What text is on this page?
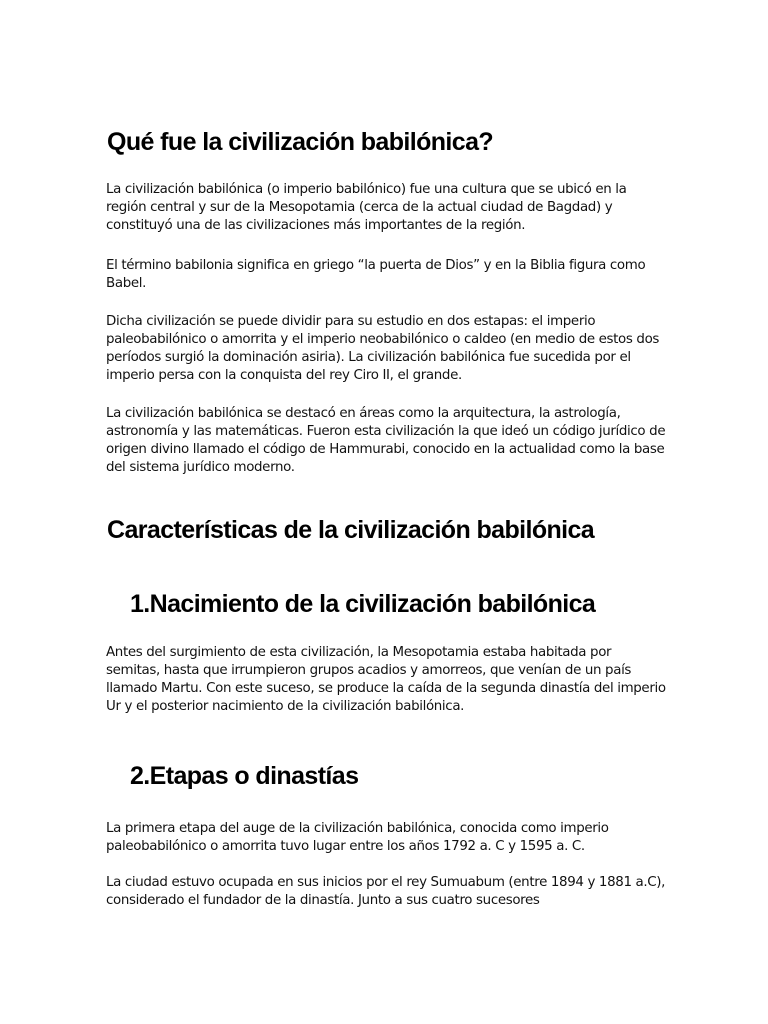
Qué fue la civilización babilónica?

La civilización babilónica (o imperio babilónico) fue una cultura que se ubicó en la región central y sur de la Mesopotamia (cerca de la actual ciudad de Bagdad) y constituyó una de las civilizaciones más importantes de la región.

El término babilonia significa en griego “la puerta de Dios” y en la Biblia figura como Babel.

Dicha civilización se puede dividir para su estudio en dos estapas: el imperio paleobabilónico o amorrita y el imperio neobabilónico o caldeo (en medio de estos dos períodos surgió la dominación asiria). La civilización babilónica fue sucedida por el imperio persa con la conquista del rey Ciro II, el grande.

La civilización babilónica se destacó en áreas como la arquitectura, la astrología, astronomía y las matemáticas. Fueron esta civilización la que ideó un código jurídico de origen divino llamado el código de Hammurabi, conocido en la actualidad como la base del sistema jurídico moderno.

Características de la civilización babilónica
1.Nacimiento de la civilización babilónica

Antes del surgimiento de esta civilización, la Mesopotamia estaba habitada por semitas, hasta que irrumpieron grupos acadios y amorreos, que venían de un país llamado Martu. Con este suceso, se produce la caída de la segunda dinastía del imperio Ur y el posterior nacimiento de la civilización babilónica.

2.Etapas o dinastías

La primera etapa del auge de la civilización babilónica, conocida como imperio paleobabilónico o amorrita tuvo lugar entre los años 1792 a. C y 1595 a. C.

La ciudad estuvo ocupada en sus inicios por el rey Sumuabum (entre 1894 y 1881 a.C), considerado el fundador de la dinastía. Junto a sus cuatro sucesores
